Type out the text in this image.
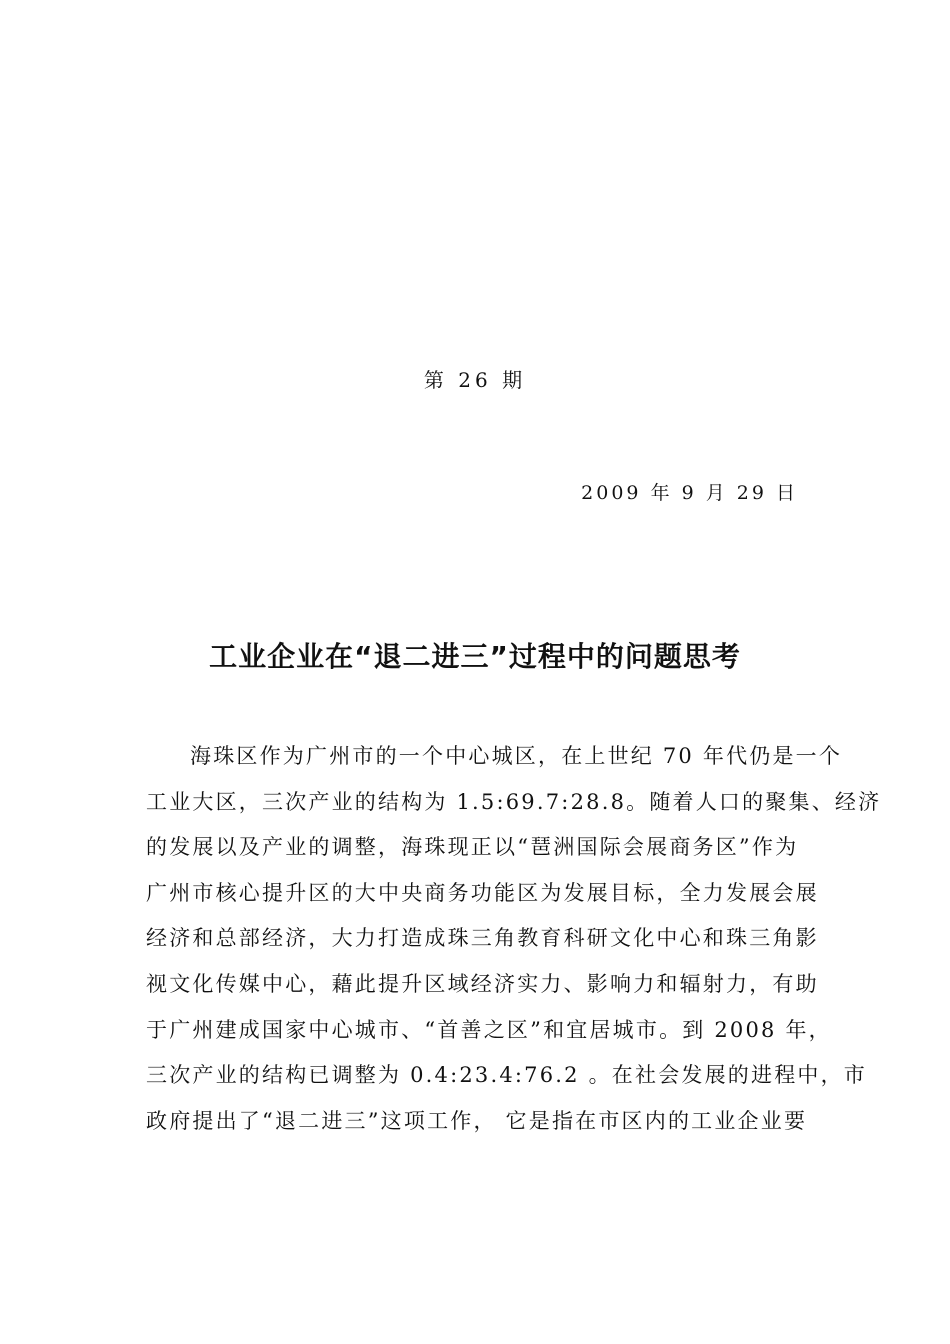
第 26 期
2009 年 9 月 29 日
工业企业在“退二进三”过程中的问题思考
海珠区作为广州市的一个中心城区，在上世纪 70 年代仍是一个
工业大区，三次产业的结构为 1.5:69.7:28.8。随着人口的聚集、经济
的发展以及产业的调整，海珠现正以“琶洲国际会展商务区”作为
广州市核心提升区的大中央商务功能区为发展目标，全力发展会展
经济和总部经济，大力打造成珠三角教育科研文化中心和珠三角影
视文化传媒中心，藉此提升区域经济实力、影响力和辐射力，有助
于广州建成国家中心城市、“首善之区”和宜居城市。到 2008 年，
三次产业的结构已调整为 0.4:23.4:76.2 。在社会发展的进程中，市
政府提出了“退二进三”这项工作， 它是指在市区内的工业企业要
